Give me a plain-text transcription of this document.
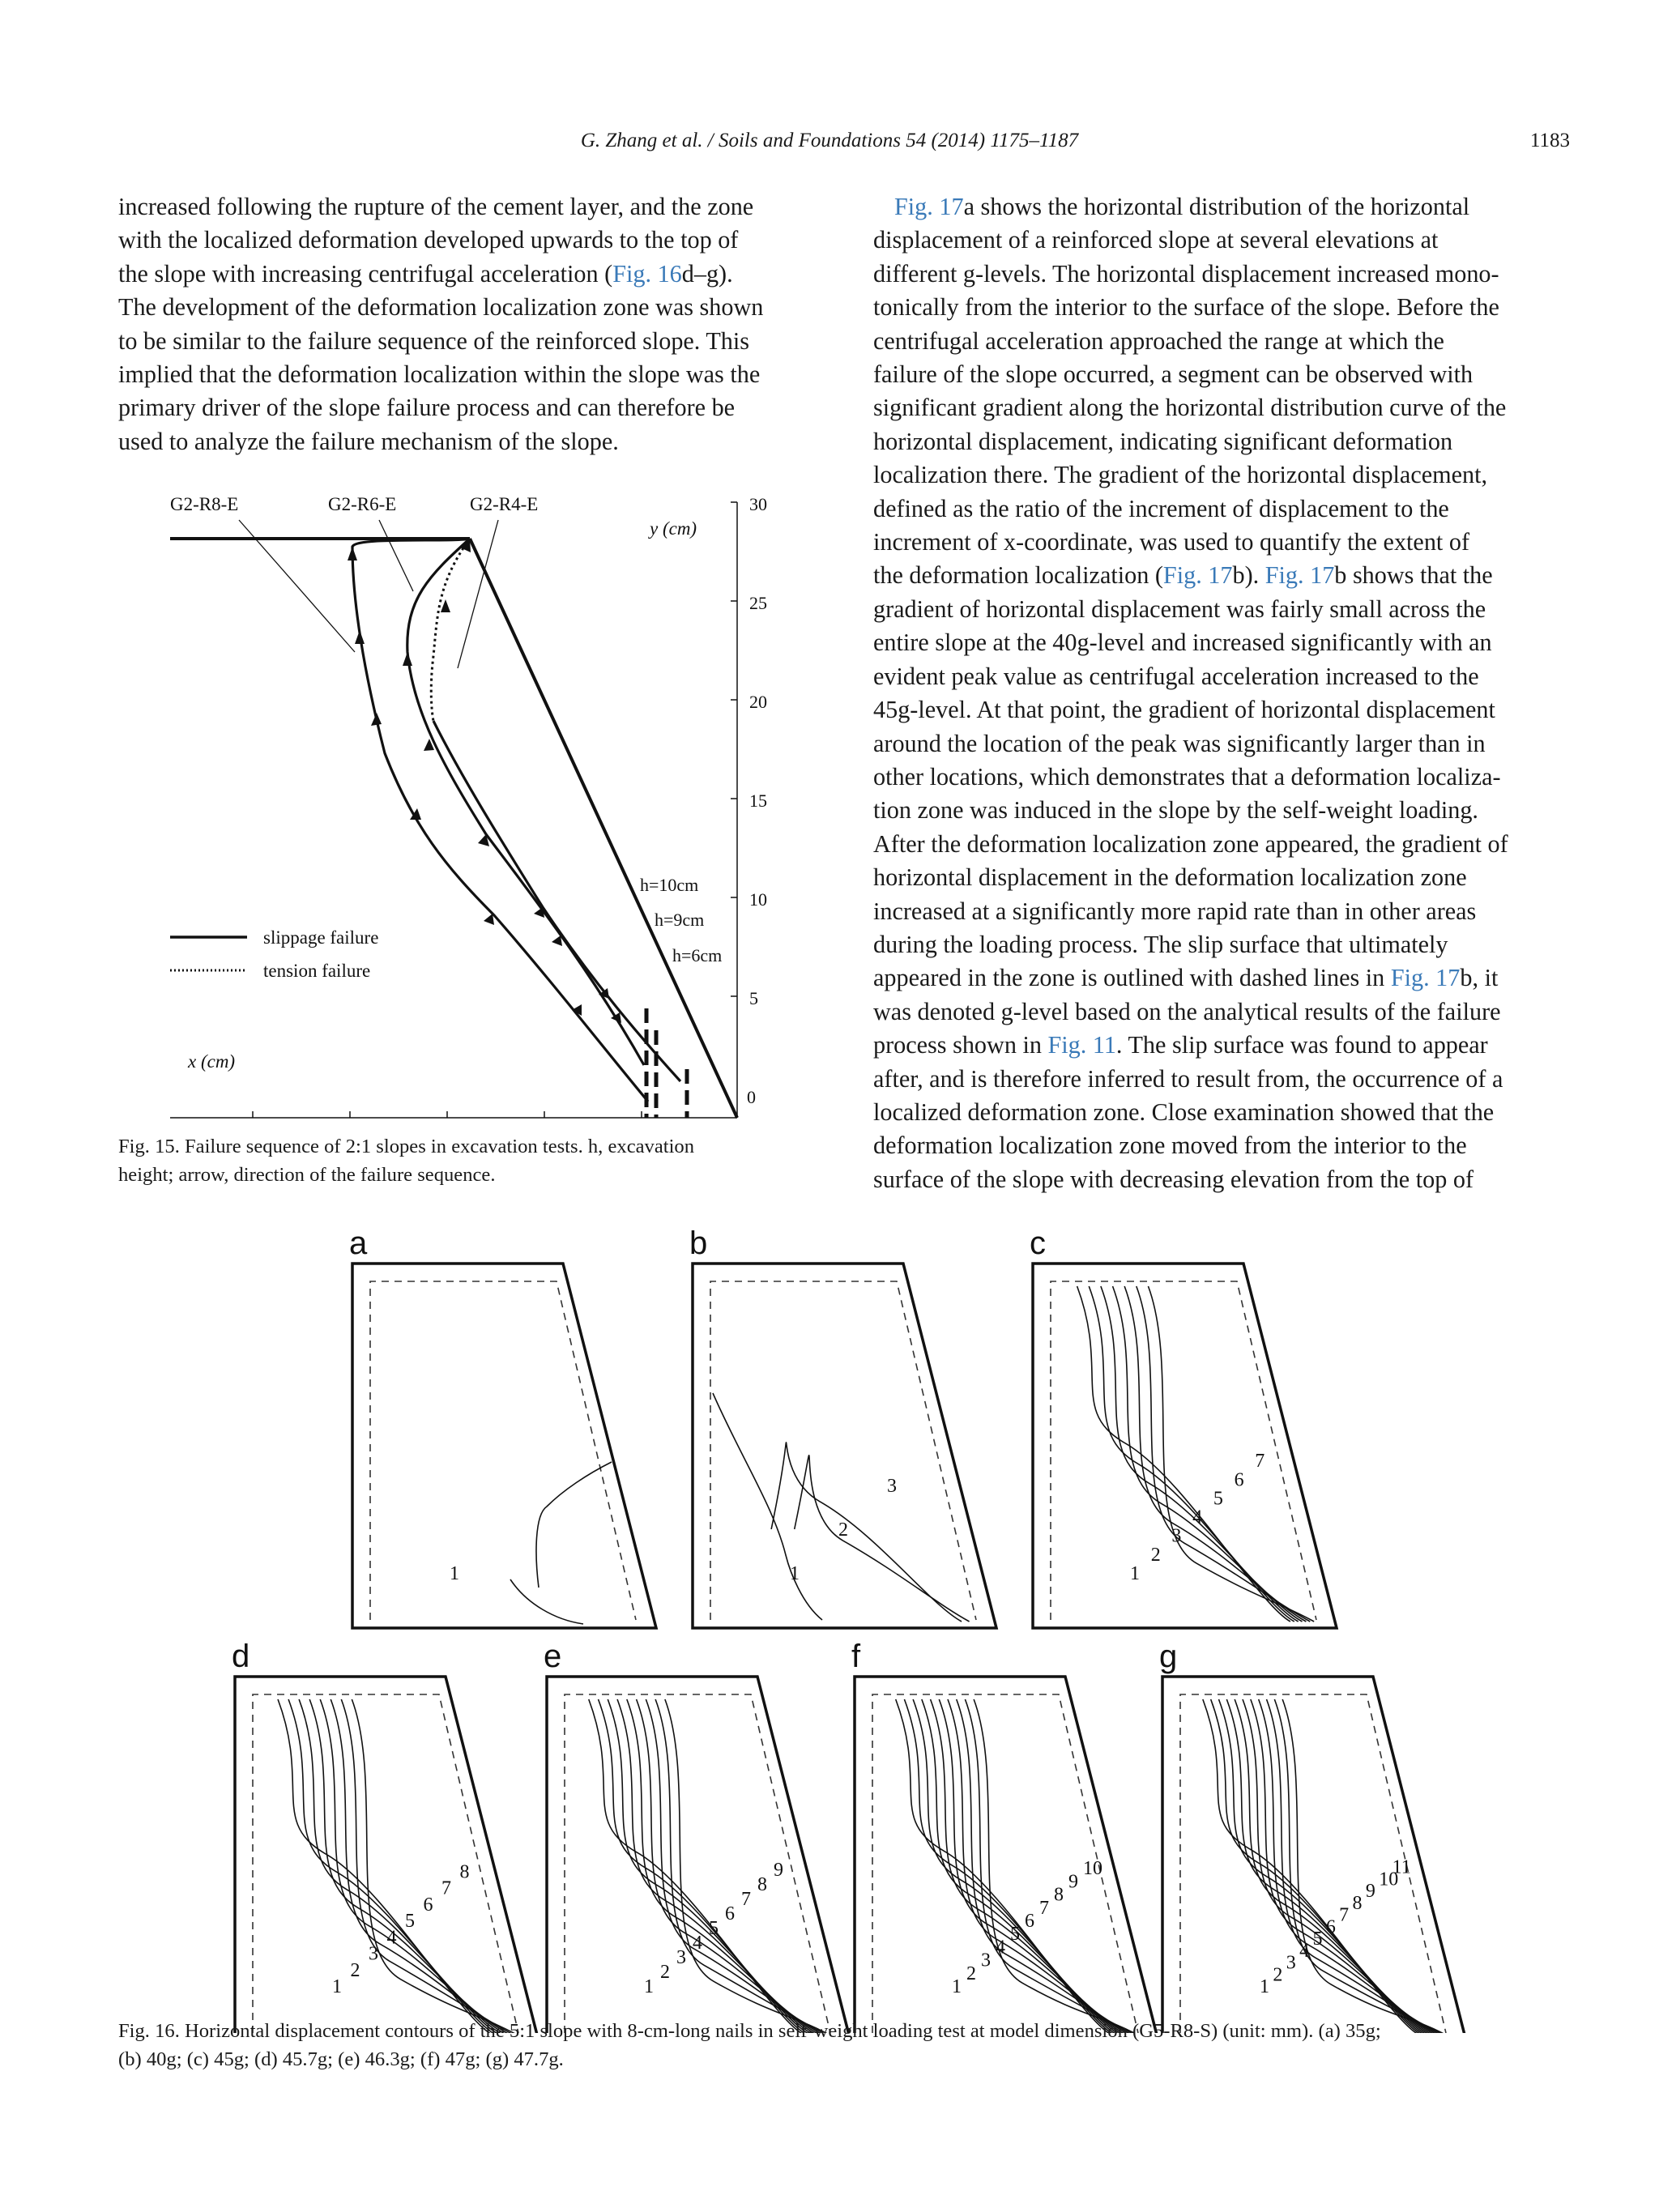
G. Zhang et al. / Soils and Foundations 54 (2014) 1175–1187	1183
increased following the rupture of the cement layer, and the zone
with the localized deformation developed upwards to the top of
the slope with increasing centrifugal acceleration (Fig. 16d–g).
The development of the deformation localization zone was shown
to be similar to the failure sequence of the reinforced slope. This
implied that the deformation localization within the slope was the
primary driver of the slope failure process and can therefore be
used to analyze the failure mechanism of the slope.
Fig. 17a shows the horizontal distribution of the horizontal
displacement of a reinforced slope at several elevations at
different g-levels. The horizontal displacement increased mono-
tonically from the interior to the surface of the slope. Before the
centrifugal acceleration approached the range at which the
failure of the slope occurred, a segment can be observed with
significant gradient along the horizontal distribution curve of the
horizontal displacement, indicating significant deformation
localization there. The gradient of the horizontal displacement,
defined as the ratio of the increment of displacement to the
increment of x-coordinate, was used to quantify the extent of
the deformation localization (Fig. 17b). Fig. 17b shows that the
gradient of horizontal displacement was fairly small across the
entire slope at the 40g-level and increased significantly with an
evident peak value as centrifugal acceleration increased to the
45g-level. At that point, the gradient of horizontal displacement
around the location of the peak was significantly larger than in
other locations, which demonstrates that a deformation localiza-
tion zone was induced in the slope by the self-weight loading.
After the deformation localization zone appeared, the gradient of
horizontal displacement in the deformation localization zone
increased at a significantly more rapid rate than in other areas
during the loading process. The slip surface that ultimately
appeared in the zone is outlined with dashed lines in Fig. 17b, it
was denoted g-level based on the analytical results of the failure
process shown in Fig. 11. The slip surface was found to appear
after, and is therefore inferred to result from, the occurrence of a
localized deformation zone. Close examination showed that the
deformation localization zone moved from the interior to the
surface of the slope with decreasing elevation from the top of
G2-R8-E	G2-R6-E	G2-R4-E
y (cm)
30
25
20
15
10
5
0
x (cm)
h=10cm
h=9cm
h=6cm
slippage failure
tension failure
Fig. 15. Failure sequence of 2:1 slopes in excavation tests. h, excavation
height; arrow, direction of the failure sequence.
a
1
b
1
2
3
c
1
2
3
4
5
6
7
d
1
2
3
4
5
6
7
8
e
1
2
3
4
5
6
7
8
9
f
1
2
3
4
5
6
7
8
9
10
g
1
2
3
4
5
6
7
8
9
10
11
Fig. 16. Horizontal displacement contours of the 5:1 slope with 8-cm-long nails in self-weight loading test at model dimension (G5-R8-S) (unit: mm). (a) 35g;
(b) 40g; (c) 45g; (d) 45.7g; (e) 46.3g; (f) 47g; (g) 47.7g.
